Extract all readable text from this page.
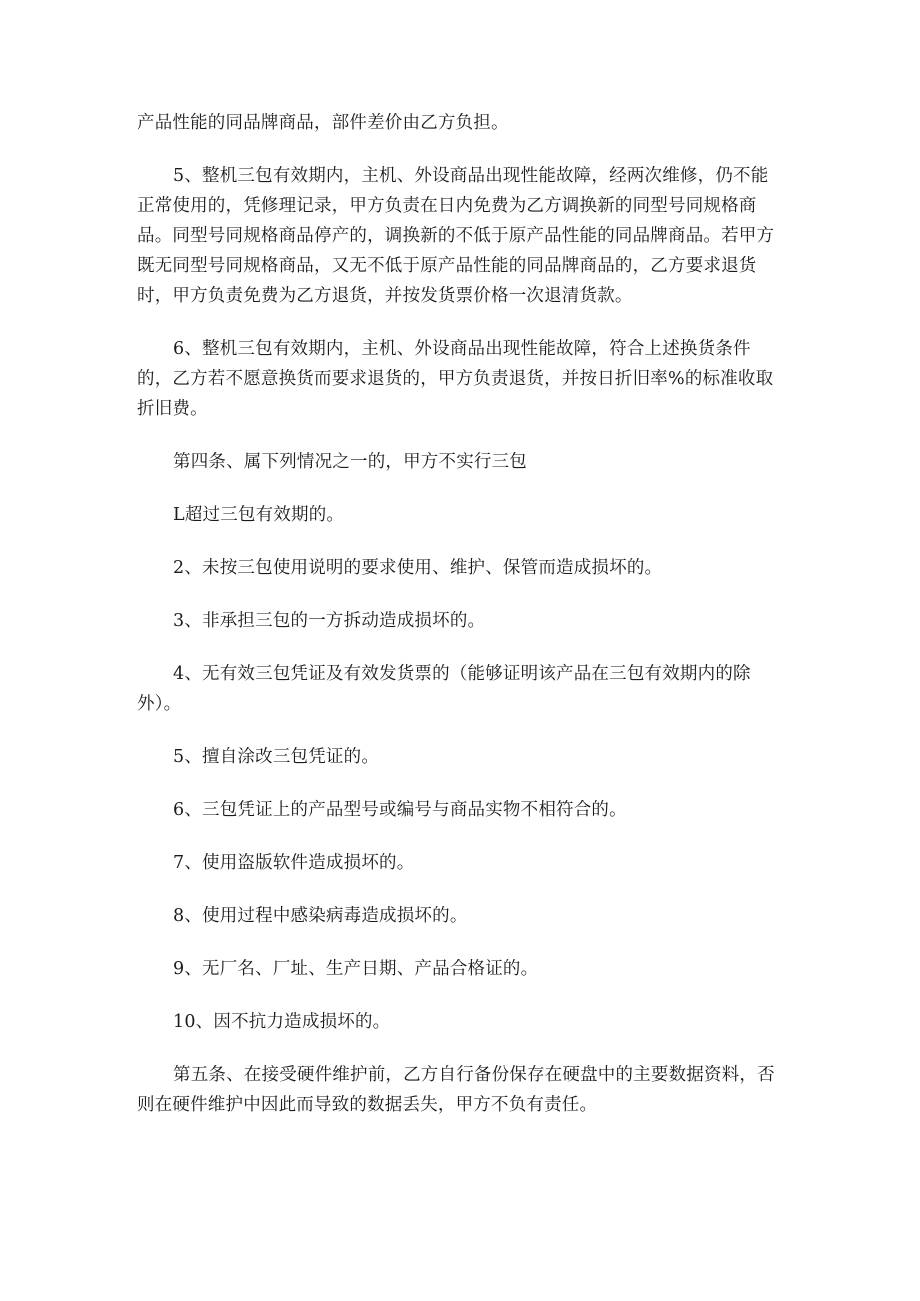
产品性能的同品牌商品，部件差价由乙方负担。

5、整机三包有效期内，主机、外设商品出现性能故障，经两次维修，仍不能正常使用的，凭修理记录，甲方负责在日内免费为乙方调换新的同型号同规格商品。同型号同规格商品停产的，调换新的不低于原产品性能的同品牌商品。若甲方既无同型号同规格商品，又无不低于原产品性能的同品牌商品的，乙方要求退货时，甲方负责免费为乙方退货，并按发货票价格一次退清货款。

6、整机三包有效期内，主机、外设商品出现性能故障，符合上述换货条件的，乙方若不愿意换货而要求退货的，甲方负责退货，并按日折旧率%的标准收取折旧费。

第四条、属下列情况之一的，甲方不实行三包

L超过三包有效期的。

2、未按三包使用说明的要求使用、维护、保管而造成损坏的。

3、非承担三包的一方拆动造成损坏的。

4、无有效三包凭证及有效发货票的（能够证明该产品在三包有效期内的除外）。

5、擅自涂改三包凭证的。

6、三包凭证上的产品型号或编号与商品实物不相符合的。

7、使用盗版软件造成损坏的。

8、使用过程中感染病毒造成损坏的。

9、无厂名、厂址、生产日期、产品合格证的。

10、因不抗力造成损坏的。

第五条、在接受硬件维护前，乙方自行备份保存在硬盘中的主要数据资料，否则在硬件维护中因此而导致的数据丢失，甲方不负有责任。
